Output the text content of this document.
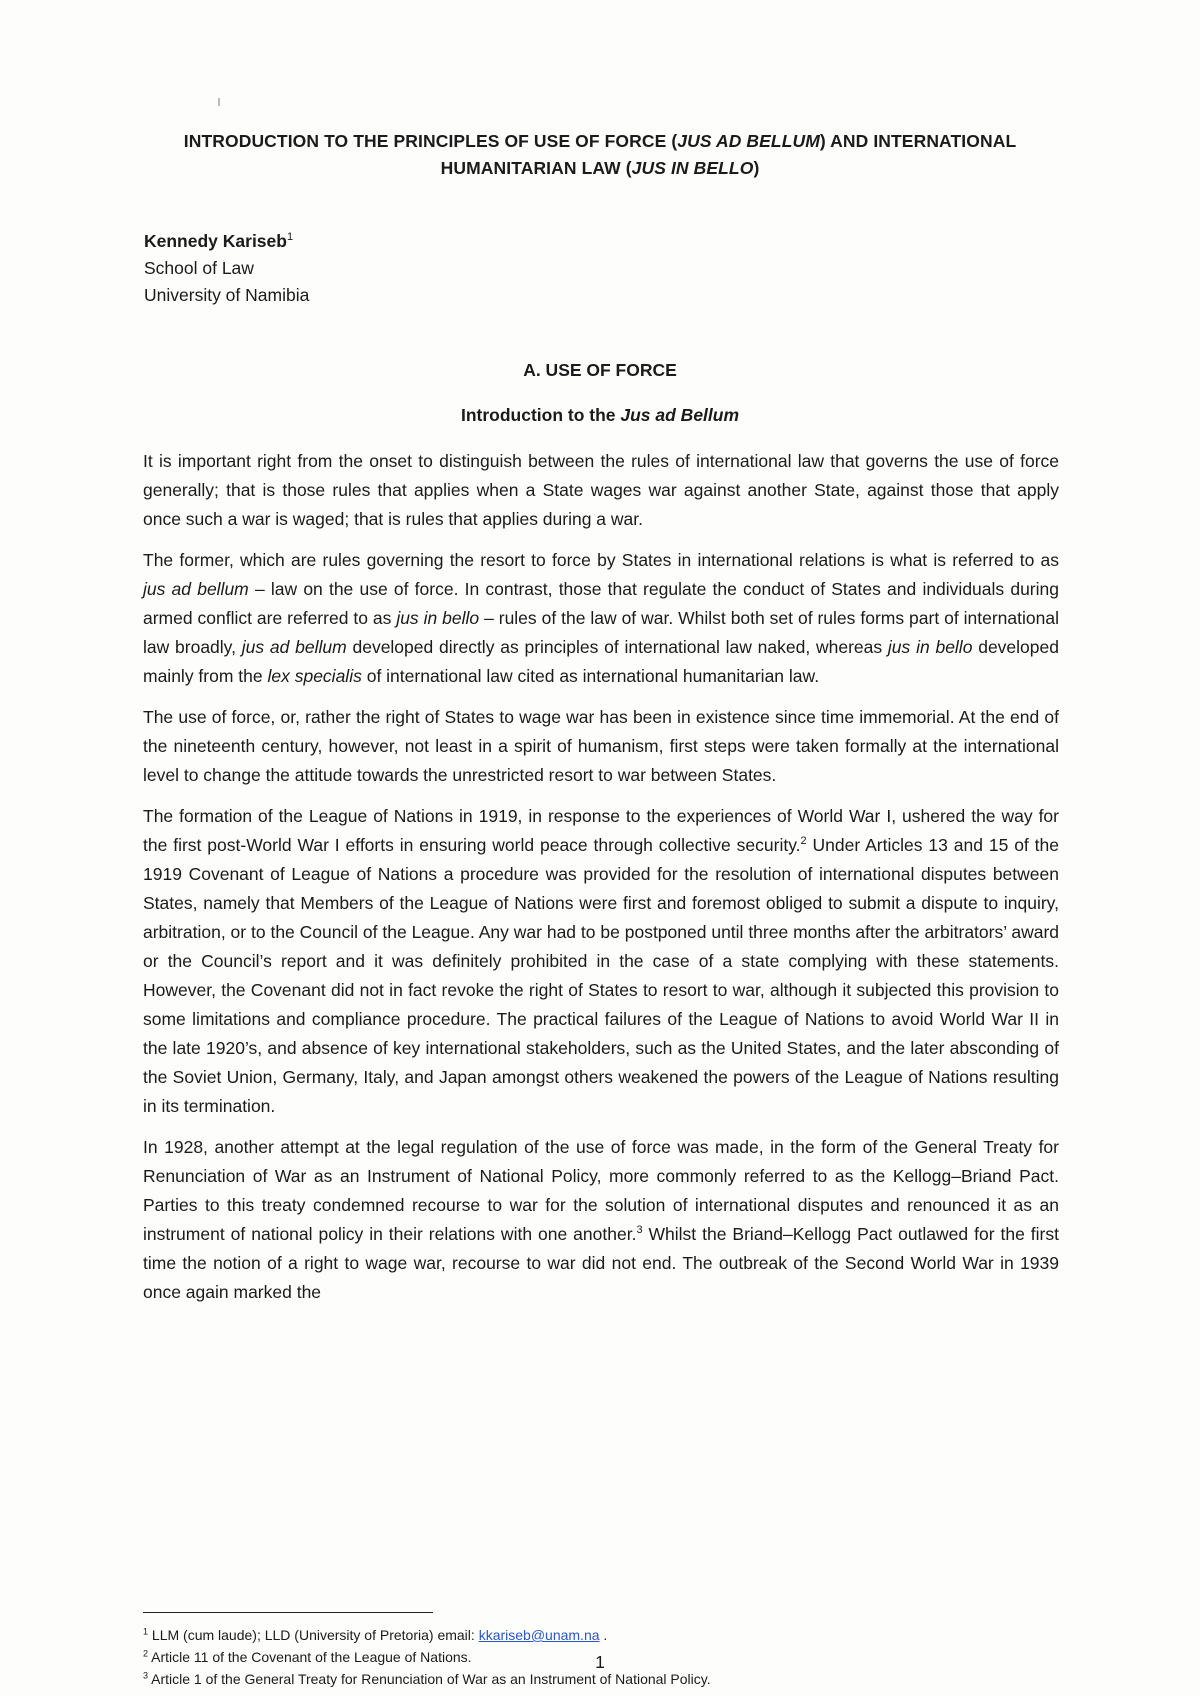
INTRODUCTION TO THE PRINCIPLES OF USE OF FORCE (JUS AD BELLUM) AND INTERNATIONAL
HUMANITARIAN LAW (JUS IN BELLO)
Kennedy Kariseb$^1$
School of Law
University of Namibia
A. USE OF FORCE
Introduction to the Jus ad Bellum

It is important right from the onset to distinguish between the rules of international law that governs the use of force generally; that is those rules that applies when a State wages war against another State, against those that apply once such a war is waged; that is rules that applies during a war.

The former, which are rules governing the resort to force by States in international relations is what is referred to as jus ad bellum – law on the use of force. In contrast, those that regulate the conduct of States and individuals during armed conflict are referred to as jus in bello – rules of the law of war. Whilst both set of rules forms part of international law broadly, jus ad bellum developed directly as principles of international law naked, whereas jus in bello developed mainly from the lex specialis of international law cited as international humanitarian law.

The use of force, or, rather the right of States to wage war has been in existence since time immemorial. At the end of the nineteenth century, however, not least in a spirit of humanism, first steps were taken formally at the international level to change the attitude towards the unrestricted resort to war between States.

The formation of the League of Nations in 1919, in response to the experiences of World War I, ushered the way for the first post-World War I efforts in ensuring world peace through collective security.$^2$ Under Articles 13 and 15 of the 1919 Covenant of League of Nations a procedure was provided for the resolution of international disputes between States, namely that Members of the League of Nations were first and foremost obliged to submit a dispute to inquiry, arbitration, or to the Council of the League. Any war had to be postponed until three months after the arbitrators’ award or the Council’s report and it was definitely prohibited in the case of a state complying with these statements. However, the Covenant did not in fact revoke the right of States to resort to war, although it subjected this provision to some limitations and compliance procedure. The practical failures of the League of Nations to avoid World War II in the late 1920’s, and absence of key international stakeholders, such as the United States, and the later absconding of the Soviet Union, Germany, Italy, and Japan amongst others weakened the powers of the League of Nations resulting in its termination.

In 1928, another attempt at the legal regulation of the use of force was made, in the form of the General Treaty for Renunciation of War as an Instrument of National Policy, more commonly referred to as the Kellogg–Briand Pact. Parties to this treaty condemned recourse to war for the solution of international disputes and renounced it as an instrument of national policy in their relations with one another.$^3$ Whilst the Briand–Kellogg Pact outlawed for the first time the notion of a right to wage war, recourse to war did not end. The outbreak of the Second World War in 1939 once again marked the

$^1$ LLM (cum laude); LLD (University of Pretoria) email: kkariseb@unam.na .
$^2$ Article 11 of the Covenant of the League of Nations.
$^3$ Article 1 of the General Treaty for Renunciation of War as an Instrument of National Policy.
1
